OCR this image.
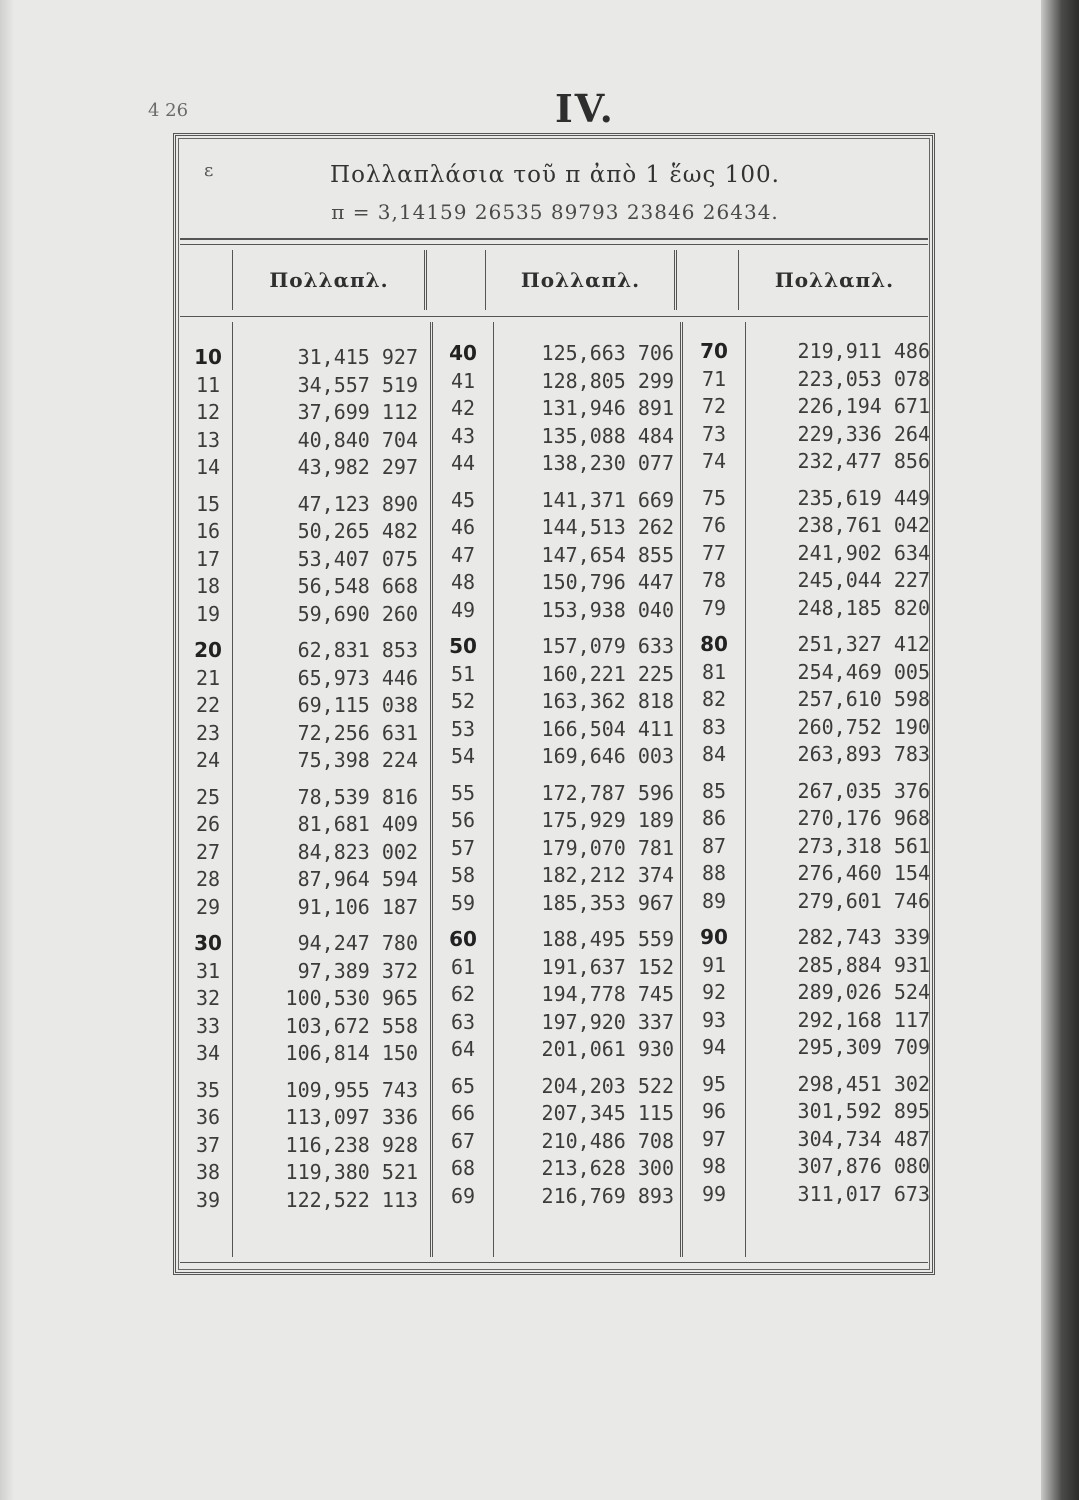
4 26	IV.
ε	Πολλαπλάσια τοῦ π ἀπὸ 1 ἕως 100.
π = 3,14159 26535 89793 23846 26434.
Πολλαπλ.	Πολλαπλ.	Πολλαπλ.
10	31,415 927
11	34,557 519
12	37,699 112
13	40,840 704
14	43,982 297
15	47,123 890
16	50,265 482
17	53,407 075
18	56,548 668
19	59,690 260
20	62,831 853
21	65,973 446
22	69,115 038
23	72,256 631
24	75,398 224
25	78,539 816
26	81,681 409
27	84,823 002
28	87,964 594
29	91,106 187
30	94,247 780
31	97,389 372
32	100,530 965
33	103,672 558
34	106,814 150
35	109,955 743
36	113,097 336
37	116,238 928
38	119,380 521
39	122,522 113
40	125,663 706
41	128,805 299
42	131,946 891
43	135,088 484
44	138,230 077
45	141,371 669
46	144,513 262
47	147,654 855
48	150,796 447
49	153,938 040
50	157,079 633
51	160,221 225
52	163,362 818
53	166,504 411
54	169,646 003
55	172,787 596
56	175,929 189
57	179,070 781
58	182,212 374
59	185,353 967
60	188,495 559
61	191,637 152
62	194,778 745
63	197,920 337
64	201,061 930
65	204,203 522
66	207,345 115
67	210,486 708
68	213,628 300
69	216,769 893
70	219,911 486
71	223,053 078
72	226,194 671
73	229,336 264
74	232,477 856
75	235,619 449
76	238,761 042
77	241,902 634
78	245,044 227
79	248,185 820
80	251,327 412
81	254,469 005
82	257,610 598
83	260,752 190
84	263,893 783
85	267,035 376
86	270,176 968
87	273,318 561
88	276,460 154
89	279,601 746
90	282,743 339
91	285,884 931
92	289,026 524
93	292,168 117
94	295,309 709
95	298,451 302
96	301,592 895
97	304,734 487
98	307,876 080
99	311,017 673
